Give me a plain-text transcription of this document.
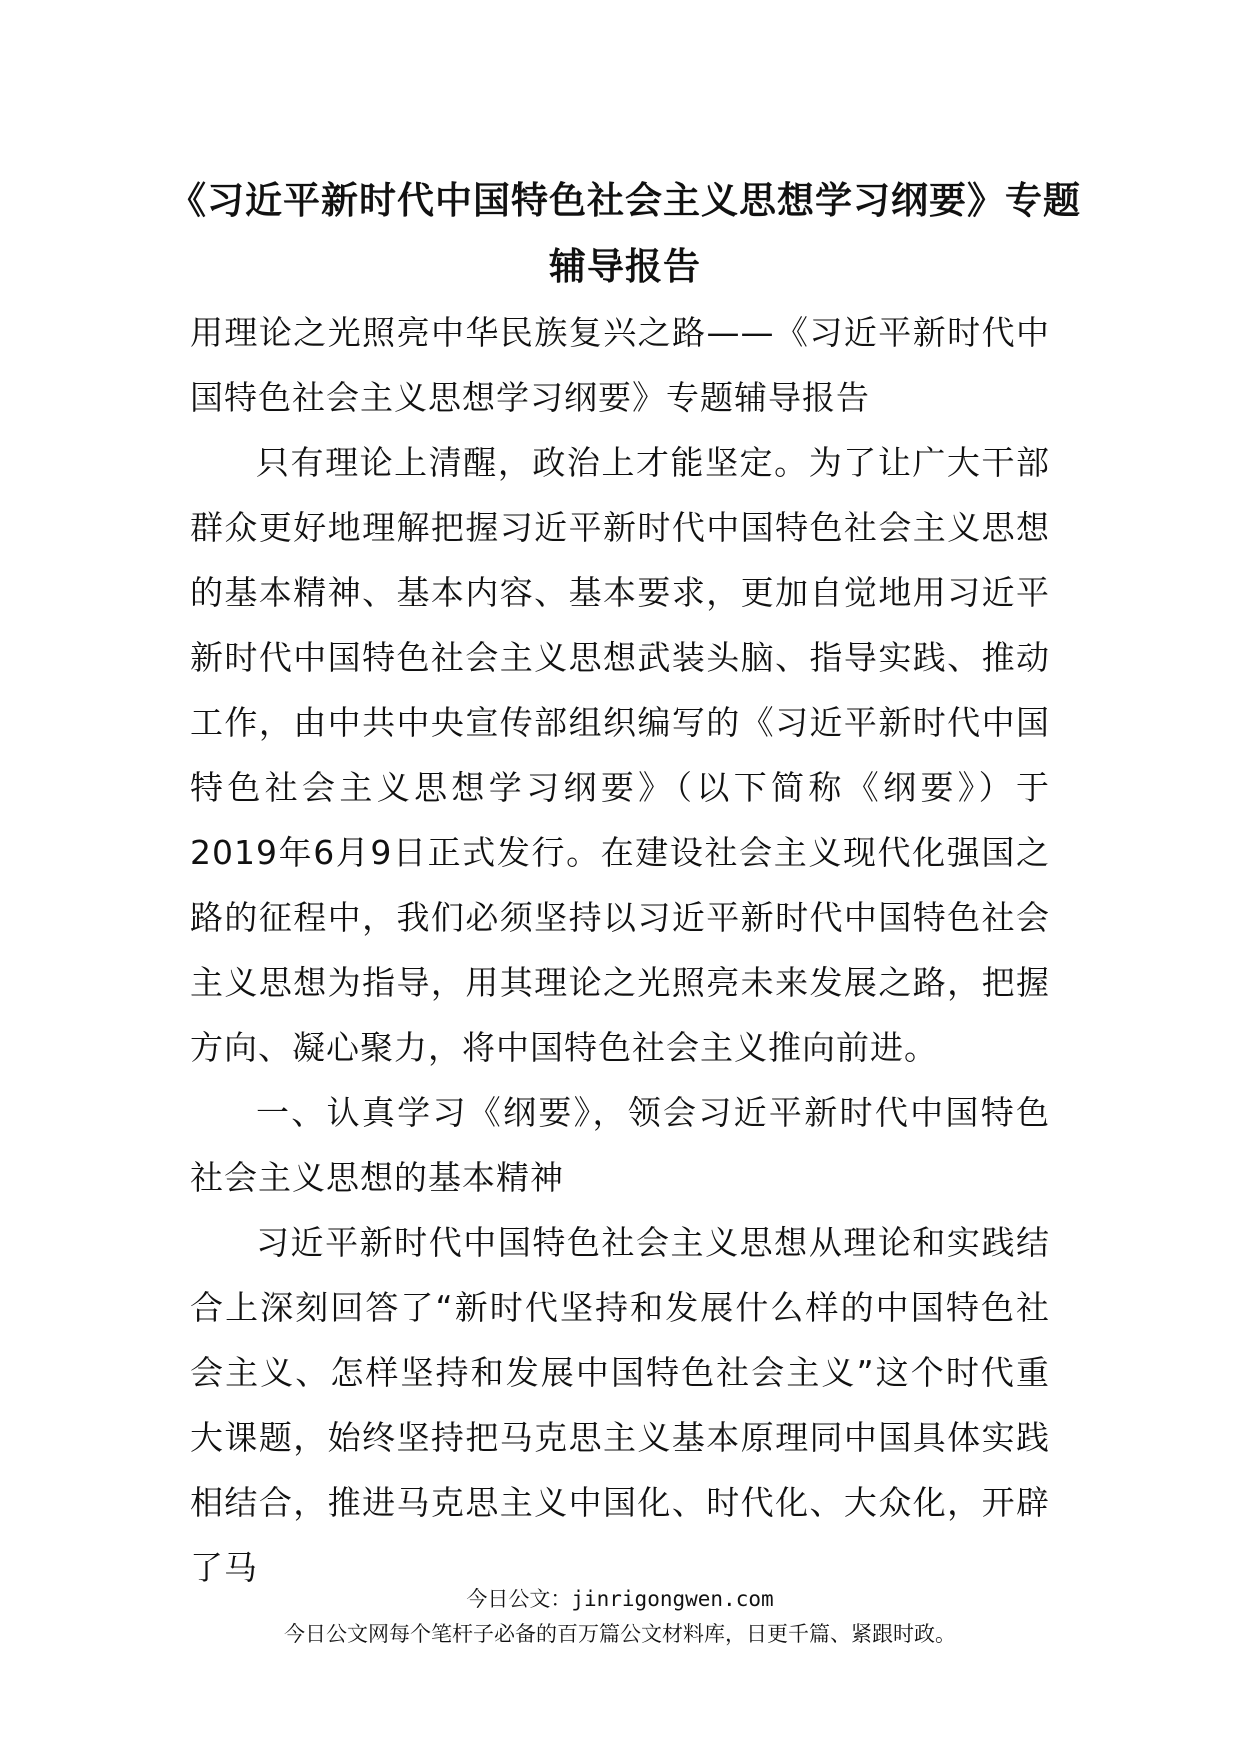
《习近平新时代中国特色社会主义思想学习纲要》专题辅导报告

用理论之光照亮中华民族复兴之路——《习近平新时代中国特色社会主义思想学习纲要》专题辅导报告

只有理论上清醒，政治上才能坚定。为了让广大干部群众更好地理解把握习近平新时代中国特色社会主义思想的基本精神、基本内容、基本要求，更加自觉地用习近平新时代中国特色社会主义思想武装头脑、指导实践、推动工作，由中共中央宣传部组织编写的《习近平新时代中国特色社会主义思想学习纲要》（以下简称《纲要》）于2019年6月9日正式发行。在建设社会主义现代化强国之路的征程中，我们必须坚持以习近平新时代中国特色社会主义思想为指导，用其理论之光照亮未来发展之路，把握方向、凝心聚力，将中国特色社会主义推向前进。

一、认真学习《纲要》，领会习近平新时代中国特色社会主义思想的基本精神

习近平新时代中国特色社会主义思想从理论和实践结合上深刻回答了“新时代坚持和发展什么样的中国特色社会主义、怎样坚持和发展中国特色社会主义”这个时代重大课题，始终坚持把马克思主义基本原理同中国具体实践相结合，推进马克思主义中国化、时代化、大众化，开辟了马

今日公文：jinrigongwen.com
今日公文网每个笔杆子必备的百万篇公文材料库，日更千篇、紧跟时政。
